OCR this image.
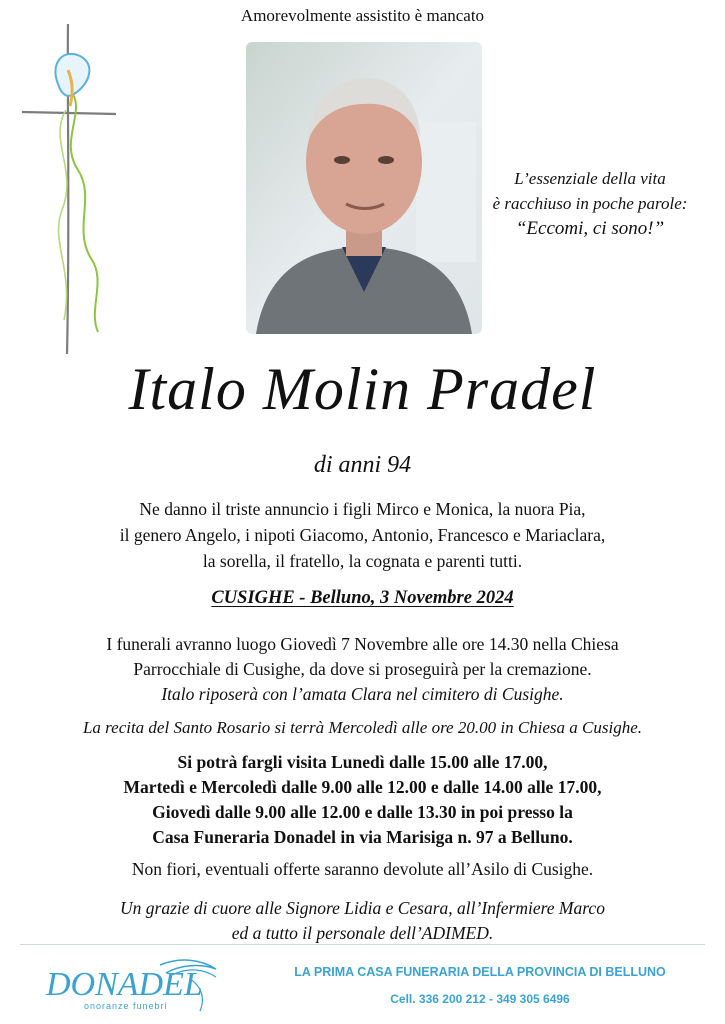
Amorevolmente assistito è mancato
L’essenziale della vita
è racchiuso in poche parole:
“Eccomi, ci sono!”
Italo Molin Pradel
di anni 94
Ne danno il triste annuncio i figli Mirco e Monica, la nuora Pia,
il genero Angelo, i nipoti Giacomo, Antonio, Francesco e Mariaclara,
la sorella, il fratello, la cognata e parenti tutti.
CUSIGHE - Belluno, 3 Novembre 2024
I funerali avranno luogo Giovedì 7 Novembre alle ore 14.30 nella Chiesa
Parrocchiale di Cusighe, da dove si proseguirà per la cremazione.
Italo riposerà con l’amata Clara nel cimitero di Cusighe.
La recita del Santo Rosario si terrà Mercoledì alle ore 20.00 in Chiesa a Cusighe.
Si potrà fargli visita Lunedì dalle 15.00 alle 17.00,
Martedì e Mercoledì dalle 9.00 alle 12.00 e dalle 14.00 alle 17.00,
Giovedì dalle 9.00 alle 12.00 e dalle 13.30 in poi presso la
Casa Funeraria Donadel in via Marisiga n. 97 a Belluno.
Non fiori, eventuali offerte saranno devolute all’Asilo di Cusighe.
Un grazie di cuore alle Signore Lidia e Cesara, all’Infermiere Marco
ed a tutto il personale dell’ADIMED.
DONADEL
onoranze funebri
LA PRIMA CASA FUNERARIA DELLA PROVINCIA DI BELLUNO
Cell. 336 200 212 - 349 305 6496
